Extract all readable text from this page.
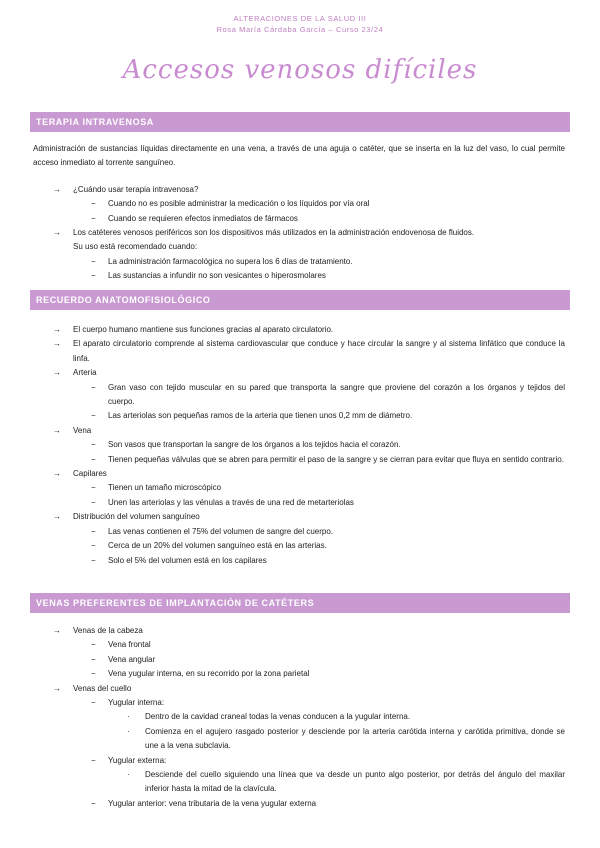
ALTERACIONES DE LA SALUD III
Rosa María Cárdaba García – Curso 23/24
Accesos venosos difíciles
TERAPIA INTRAVENOSA
Administración de sustancias líquidas directamente en una vena, a través de una aguja o catéter, que se inserta en la luz del vaso, lo cual permite acceso inmediato al torrente sanguíneo.
→ ¿Cuándo usar terapia intravenosa?
− Cuando no es posible administrar la medicación o los líquidos por vía oral
− Cuando se requieren efectos inmediatos de fármacos
→ Los catéteres venosos periféricos son los dispositivos más utilizados en la administración endovenosa de fluidos.
Su uso está recomendado cuando:
− La administración farmacológica no supera los 6 días de tratamiento.
− Las sustancias a infundir no son vesicantes o hiperosmolares
RECUERDO ANATOMOFISIOLÓGICO
→ El cuerpo humano mantiene sus funciones gracias al aparato circulatorio.
→ El aparato circulatorio comprende al sistema cardiovascular que conduce y hace circular la sangre y al sistema linfático que conduce la linfa.
→ Arteria
− Gran vaso con tejido muscular en su pared que transporta la sangre que proviene del corazón a los órganos y tejidos del cuerpo.
− Las arteriolas son pequeñas ramos de la arteria que tienen unos 0,2 mm de diámetro.
→ Vena
− Son vasos que transportan la sangre de los órganos a los tejidos hacia el corazón.
− Tienen pequeñas válvulas que se abren para permitir el paso de la sangre y se cierran para evitar que fluya en sentido contrario.
→ Capilares
− Tienen un tamaño microscópico
− Unen las arteriolas y las vénulas a través de una red de metarteriolas
→ Distribución del volumen sanguíneo
− Las venas contienen el 75% del volumen de sangre del cuerpo.
− Cerca de un 20% del volumen sanguíneo está en las arterias.
− Solo el 5% del volumen está en los capilares
VENAS PREFERENTES DE IMPLANTACIÓN DE CATÉTERS
→ Venas de la cabeza
− Vena frontal
− Vena angular
− Vena yugular interna, en su recorrido por la zona parietal
→ Venas del cuello
− Yugular interna:
· Dentro de la cavidad craneal todas la venas conducen a la yugular interna.
· Comienza en el agujero rasgado posterior y desciende por la arteria carótida interna y carótida primitiva, donde se une a la vena subclavia.
− Yugular externa:
· Desciende del cuello siguiendo una línea que va desde un punto algo posterior, por detrás del ángulo del maxilar inferior hasta la mitad de la clavícula.
− Yugular anterior: vena tributaria de la vena yugular externa
